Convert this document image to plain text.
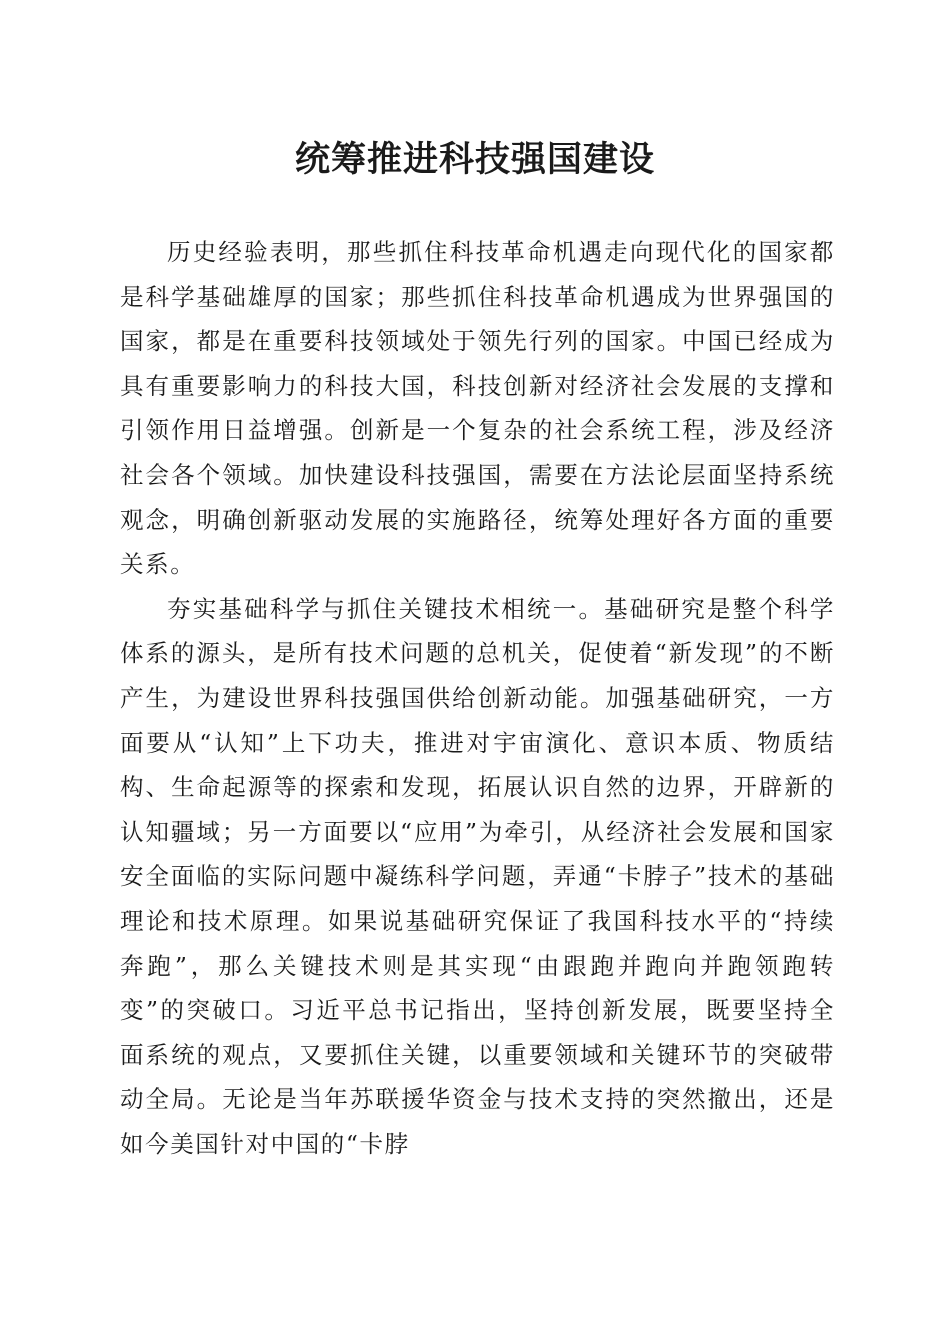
统筹推进科技强国建设

历史经验表明，那些抓住科技革命机遇走向现代化的国家都是科学基础雄厚的国家；那些抓住科技革命机遇成为世界强国的国家，都是在重要科技领域处于领先行列的国家。中国已经成为具有重要影响力的科技大国，科技创新对经济社会发展的支撑和引领作用日益增强。创新是一个复杂的社会系统工程，涉及经济社会各个领域。加快建设科技强国，需要在方法论层面坚持系统观念，明确创新驱动发展的实施路径，统筹处理好各方面的重要关系。

夯实基础科学与抓住关键技术相统一。基础研究是整个科学体系的源头，是所有技术问题的总机关，促使着“新发现”的不断产生，为建设世界科技强国供给创新动能。加强基础研究，一方面要从“认知”上下功夫，推进对宇宙演化、意识本质、物质结构、生命起源等的探索和发现，拓展认识自然的边界，开辟新的认知疆域；另一方面要以“应用”为牵引，从经济社会发展和国家安全面临的实际问题中凝练科学问题，弄通“卡脖子”技术的基础理论和技术原理。如果说基础研究保证了我国科技水平的“持续奔跑”，那么关键技术则是其实现“由跟跑并跑向并跑领跑转变”的突破口。习近平总书记指出，坚持创新发展，既要坚持全面系统的观点，又要抓住关键，以重要领域和关键环节的突破带动全局。无论是当年苏联援华资金与技术支持的突然撤出，还是如今美国针对中国的“卡脖
